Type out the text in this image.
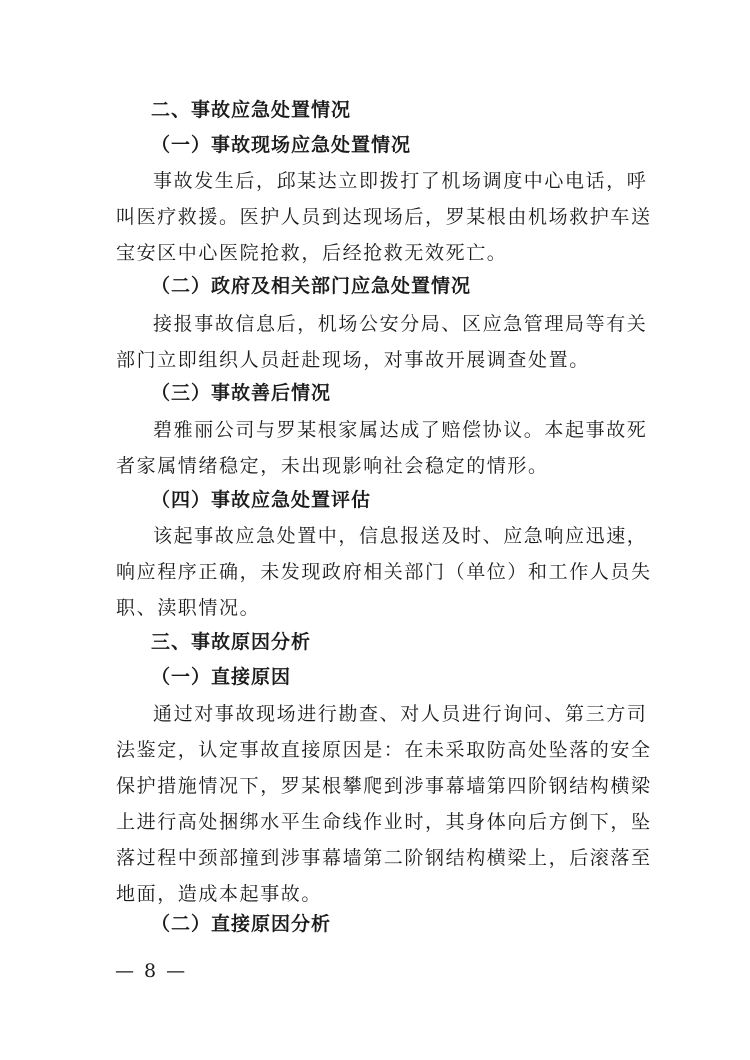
二、事故应急处置情况
（一）事故现场应急处置情况
事故发生后，邱某达立即拨打了机场调度中心电话，呼
叫医疗救援。医护人员到达现场后，罗某根由机场救护车送
宝安区中心医院抢救，后经抢救无效死亡。
（二）政府及相关部门应急处置情况
接报事故信息后，机场公安分局、区应急管理局等有关
部门立即组织人员赶赴现场，对事故开展调查处置。
（三）事故善后情况
碧雅丽公司与罗某根家属达成了赔偿协议。本起事故死
者家属情绪稳定，未出现影响社会稳定的情形。
（四）事故应急处置评估
该起事故应急处置中，信息报送及时、应急响应迅速，
响应程序正确，未发现政府相关部门（单位）和工作人员失
职、渎职情况。
三、事故原因分析
（一）直接原因
通过对事故现场进行勘查、对人员进行询问、第三方司
法鉴定，认定事故直接原因是：在未采取防高处坠落的安全
保护措施情况下，罗某根攀爬到涉事幕墙第四阶钢结构横梁
上进行高处捆绑水平生命线作业时，其身体向后方倒下，坠
落过程中颈部撞到涉事幕墙第二阶钢结构横梁上，后滚落至
地面，造成本起事故。
（二）直接原因分析
— 8 —
